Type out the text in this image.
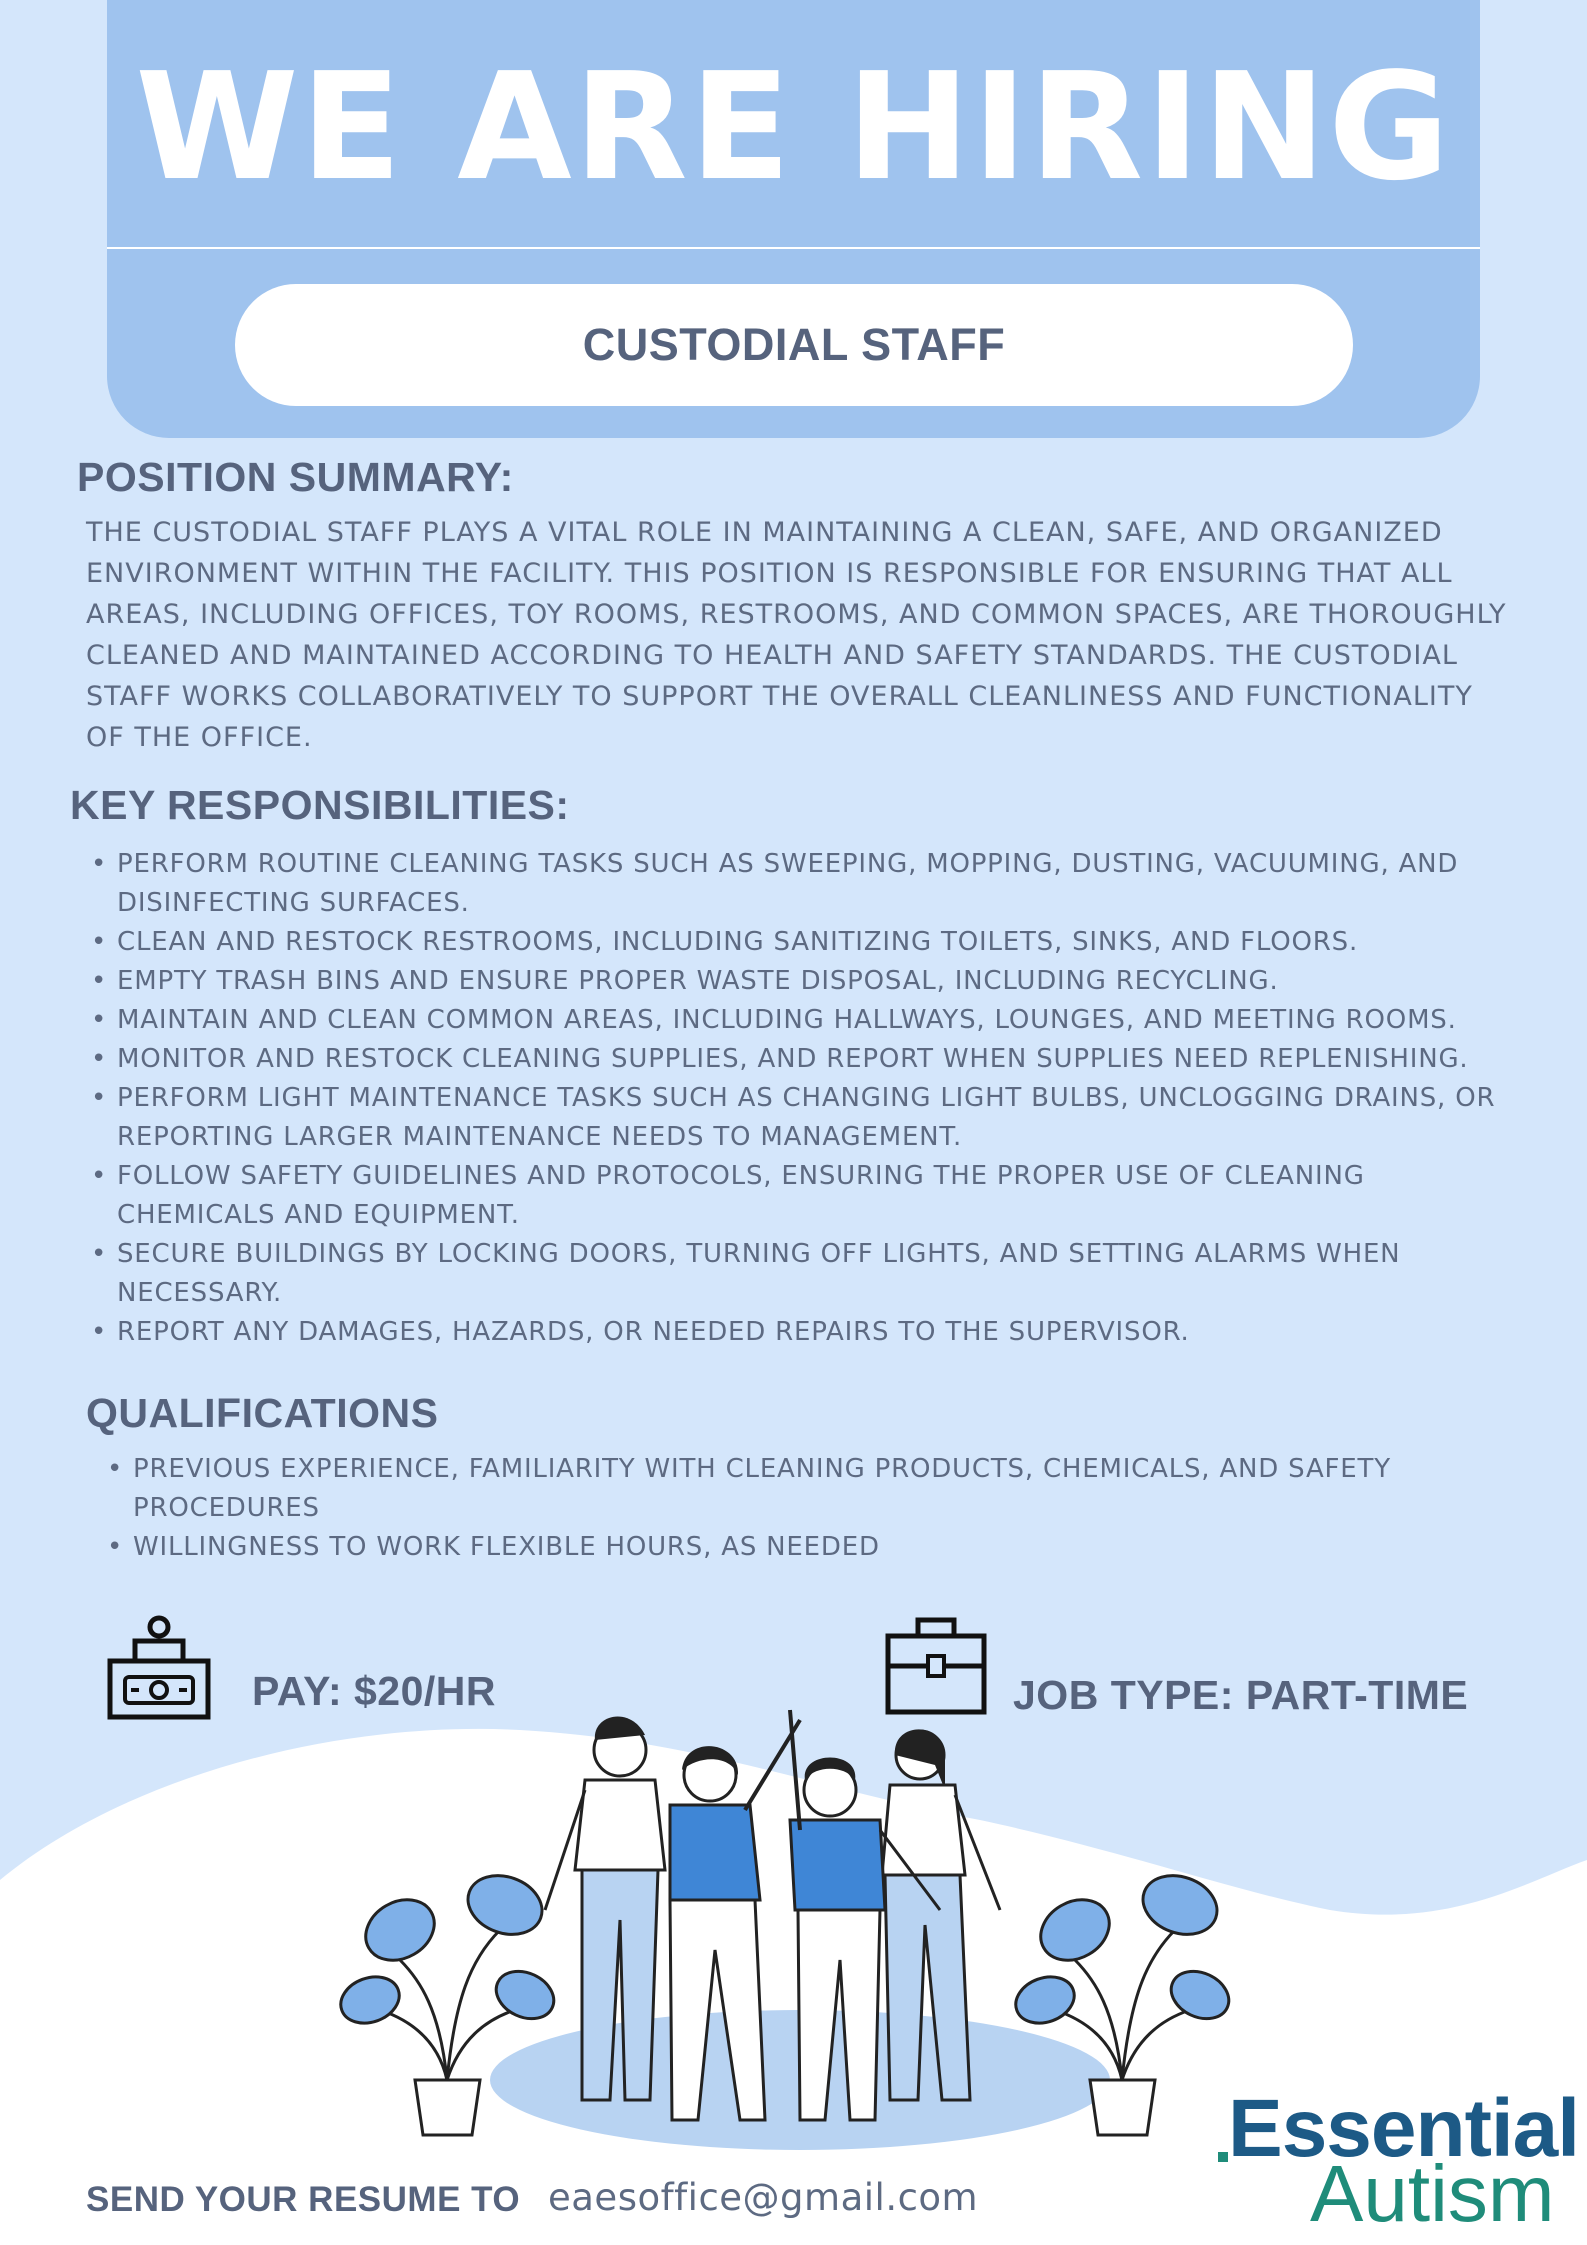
WE ARE HIRING
CUSTODIAL STAFF
POSITION SUMMARY:

THE CUSTODIAL STAFF PLAYS A VITAL ROLE IN MAINTAINING A CLEAN, SAFE, AND ORGANIZED ENVIRONMENT WITHIN THE FACILITY. THIS POSITION IS RESPONSIBLE FOR ENSURING THAT ALL AREAS, INCLUDING OFFICES, TOY ROOMS, RESTROOMS, AND COMMON SPACES, ARE THOROUGHLY CLEANED AND MAINTAINED ACCORDING TO HEALTH AND SAFETY STANDARDS. THE CUSTODIAL STAFF WORKS COLLABORATIVELY TO SUPPORT THE OVERALL CLEANLINESS AND FUNCTIONALITY OF THE OFFICE.

KEY RESPONSIBILITIES:
• PERFORM ROUTINE CLEANING TASKS SUCH AS SWEEPING, MOPPING, DUSTING, VACUUMING, AND DISINFECTING SURFACES.
• CLEAN AND RESTOCK RESTROOMS, INCLUDING SANITIZING TOILETS, SINKS, AND FLOORS.
• EMPTY TRASH BINS AND ENSURE PROPER WASTE DISPOSAL, INCLUDING RECYCLING.
• MAINTAIN AND CLEAN COMMON AREAS, INCLUDING HALLWAYS, LOUNGES, AND MEETING ROOMS.
• MONITOR AND RESTOCK CLEANING SUPPLIES, AND REPORT WHEN SUPPLIES NEED REPLENISHING.
• PERFORM LIGHT MAINTENANCE TASKS SUCH AS CHANGING LIGHT BULBS, UNCLOGGING DRAINS, OR REPORTING LARGER MAINTENANCE NEEDS TO MANAGEMENT.
• FOLLOW SAFETY GUIDELINES AND PROTOCOLS, ENSURING THE PROPER USE OF CLEANING CHEMICALS AND EQUIPMENT.
• SECURE BUILDINGS BY LOCKING DOORS, TURNING OFF LIGHTS, AND SETTING ALARMS WHEN NECESSARY.
• REPORT ANY DAMAGES, HAZARDS, OR NEEDED REPAIRS TO THE SUPERVISOR.
QUALIFICATIONS
• PREVIOUS EXPERIENCE, FAMILIARITY WITH CLEANING PRODUCTS, CHEMICALS, AND SAFETY PROCEDURES
• WILLINGNESS TO WORK FLEXIBLE HOURS, AS NEEDED
PAY: $20/HR	JOB TYPE: PART-TIME
SEND YOUR RESUME TO eaesoffice@gmail.com
Essential
Autism
